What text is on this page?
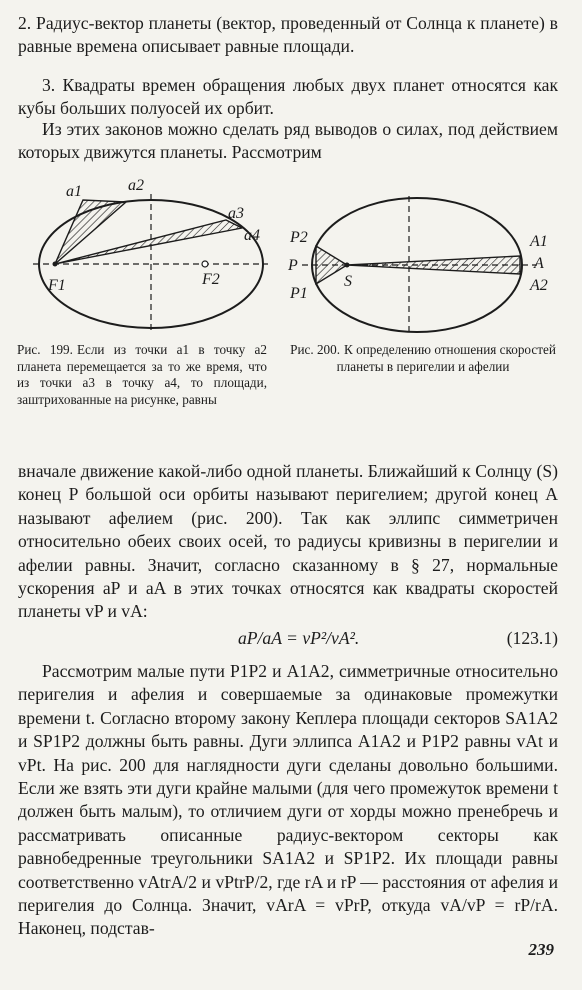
2. Радиус-вектор планеты (вектор, проведенный от Солнца к планете) в равные времена описывает равные площади.

3. Квадраты времен обращения любых двух планет относятся как кубы больших полуосей их орбит.

Из этих законов можно сделать ряд выводов о силах, под действием которых движутся планеты. Рассмотрим

a1	a2
a3
a4
F1	F2
P2
P
P1
S
A1
A
A2

Рис. 199. Если из точки a1 в точку a2 планета перемещается за то же время, что из точки a3 в точку a4, то площади, заштрихованные на рисунке, равны

Рис. 200. К определению отношения скоростей планеты в перигелии и афелии

вначале движение какой-либо одной планеты. Ближайший к Солнцу (S) конец P большой оси орбиты называют перигелием; другой конец A называют афелием (рис. 200). Так как эллипс симметричен относительно обеих своих осей, то радиусы кривизны в перигелии и афелии равны. Значит, согласно сказанному в § 27, нормальные ускорения aP и aA в этих точках относятся как квадраты скоростей планеты vP и vA:

aP/aA = vP²/vA².	(123.1)

Рассмотрим малые пути P1P2 и A1A2, симметричные относительно перигелия и афелия и совершаемые за одинаковые промежутки времени t. Согласно второму закону Кеплера площади секторов SA1A2 и SP1P2 должны быть равны. Дуги эллипса A1A2 и P1P2 равны vAt и vPt. На рис. 200 для наглядности дуги сделаны довольно большими. Если же взять эти дуги крайне малыми (для чего промежуток времени t должен быть малым), то отличием дуги от хорды можно пренебречь и рассматривать описанные радиус-вектором секторы как равнобедренные треугольники SA1A2 и SP1P2. Их площади равны соответственно vAtrA/2 и vPtrP/2, где rA и rP — расстояния от афелия и перигелия до Солнца. Значит, vArA = vPrP, откуда vA/vP = rP/rA. Наконец, подстав-

239
